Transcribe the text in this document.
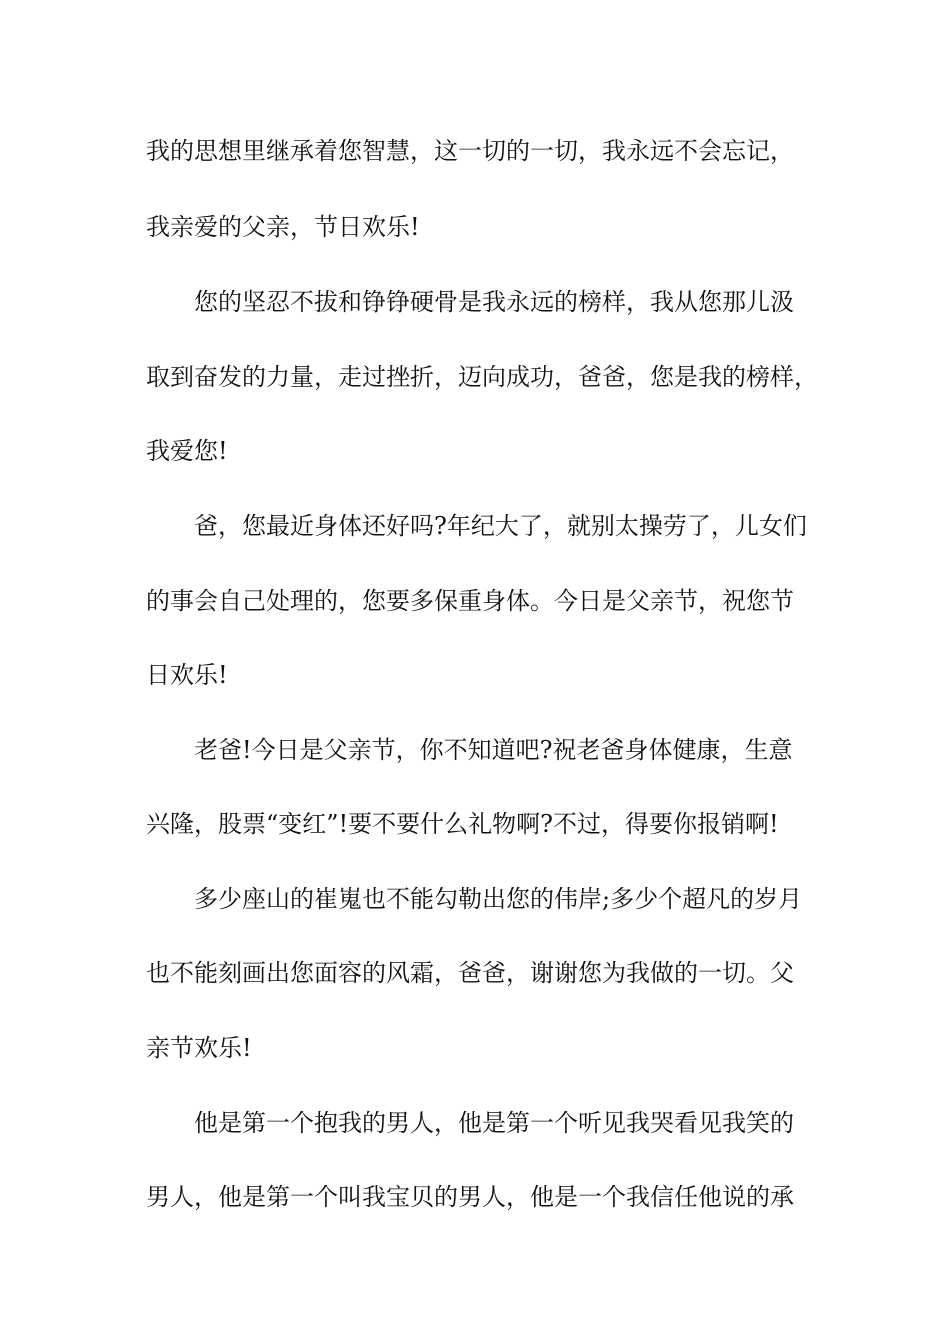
我的思想里继承着您智慧，这一切的一切，我永远不会忘记，
我亲爱的父亲，节日欢乐!
您的坚忍不拔和铮铮硬骨是我永远的榜样，我从您那儿汲
取到奋发的力量，走过挫折，迈向成功，爸爸，您是我的榜样，
我爱您!
爸，您最近身体还好吗?年纪大了，就别太操劳了，儿女们
的事会自己处理的，您要多保重身体。今日是父亲节，祝您节
日欢乐!
老爸!今日是父亲节，你不知道吧?祝老爸身体健康，生意
兴隆，股票“变红”!要不要什么礼物啊?不过，得要你报销啊!
多少座山的崔嵬也不能勾勒出您的伟岸;多少个超凡的岁月
也不能刻画出您面容的风霜，爸爸，谢谢您为我做的一切。父
亲节欢乐!
他是第一个抱我的男人，他是第一个听见我哭看见我笑的
男人，他是第一个叫我宝贝的男人，他是一个我信任他说的承
